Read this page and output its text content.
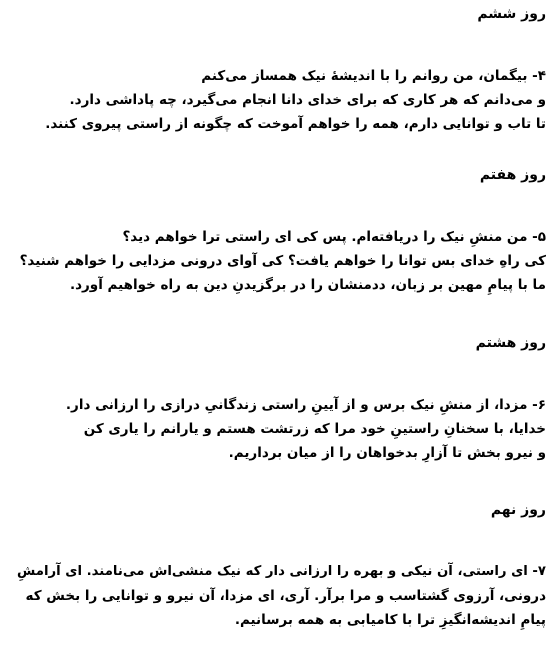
روز ششم

۴- بیگمان، من روانم را با اندیشهٔ نیک همساز می‌کنم

و می‌دانم که هر کاری که برای خدای دانا انجام می‌گیرد، چه پاداشی دارد.

تا تاب و توانایی دارم، همه را خواهم آموخت که چگونه از راستی پیروی کنند.

روز هفتم

۵- من منشِ نیک را دریافته‌ام. پس کی ای راستی ترا خواهم دید؟

کی راهِ خدای بس توانا را خواهم یافت؟ کی آوای درونی مزدایی را خواهم شنید؟

ما با پیامِ مهین بر زبان، ددمنشان را در برگزیدنِ دین به راه خواهیم آورد.

روز هشتم

۶- مزدا، از منشِ نیک برس و از آیینِ راستی زندگانیِ درازی را ارزانی دار.

خدایا، با سخنانِ راستینِ خود مرا که زرتشت هستم و یارانم را یاری کن

و نیرو بخش تا آزارِ بدخواهان را از میان برداریم.

روز نهم

۷- ای راستی، آن نیکی و بهره را ارزانی دار که نیک منشی‌اش می‌نامند. ای آرامشِ

درونی، آرزوی گشتاسب و مرا برآر. آری، ای مزدا، آن نیرو و توانایی را بخش که

پیامِ اندیشه‌انگیزِ ترا با کامیابی به همه برسانیم.
